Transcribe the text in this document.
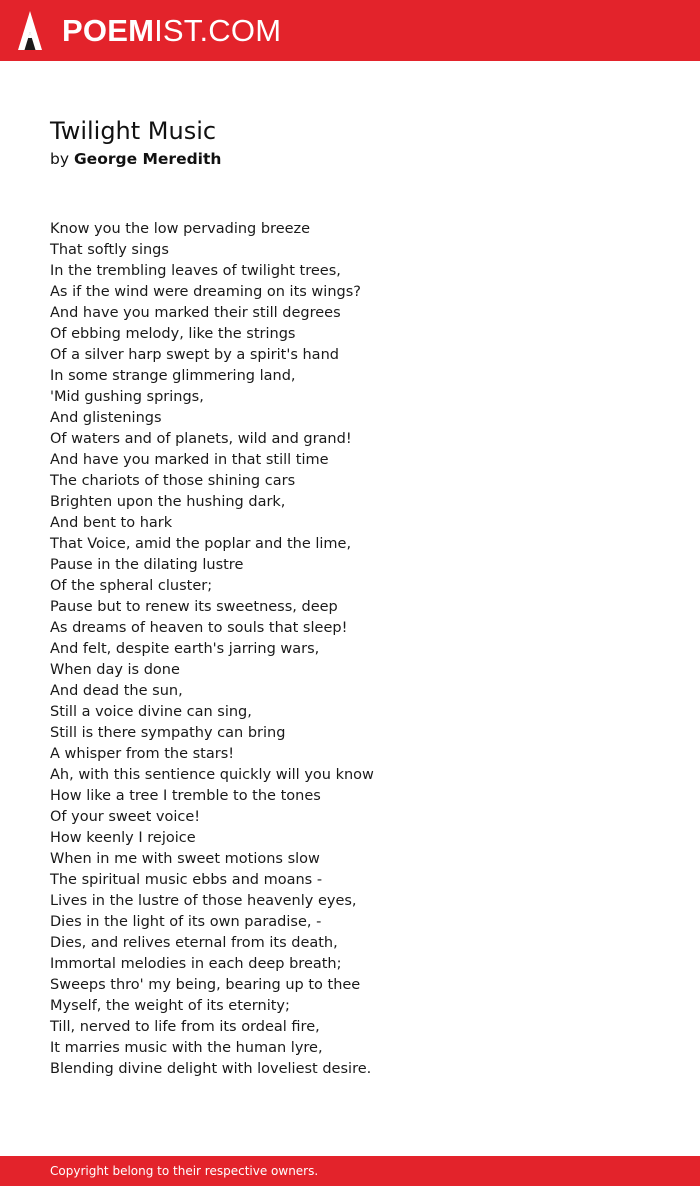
POEMIST.COM
Twilight Music
by George Meredith
Know you the low pervading breeze
That softly sings
In the trembling leaves of twilight trees,
As if the wind were dreaming on its wings?
And have you marked their still degrees
Of ebbing melody, like the strings
Of a silver harp swept by a spirit's hand
In some strange glimmering land,
'Mid gushing springs,
And glistenings
Of waters and of planets, wild and grand!
And have you marked in that still time
The chariots of those shining cars
Brighten upon the hushing dark,
And bent to hark
That Voice, amid the poplar and the lime,
Pause in the dilating lustre
Of the spheral cluster;
Pause but to renew its sweetness, deep
As dreams of heaven to souls that sleep!
And felt, despite earth's jarring wars,
When day is done
And dead the sun,
Still a voice divine can sing,
Still is there sympathy can bring
A whisper from the stars!
Ah, with this sentience quickly will you know
How like a tree I tremble to the tones
Of your sweet voice!
How keenly I rejoice
When in me with sweet motions slow
The spiritual music ebbs and moans -
Lives in the lustre of those heavenly eyes,
Dies in the light of its own paradise, -
Dies, and relives eternal from its death,
Immortal melodies in each deep breath;
Sweeps thro' my being, bearing up to thee
Myself, the weight of its eternity;
Till, nerved to life from its ordeal fire,
It marries music with the human lyre,
Blending divine delight with loveliest desire.
Copyright belong to their respective owners.
